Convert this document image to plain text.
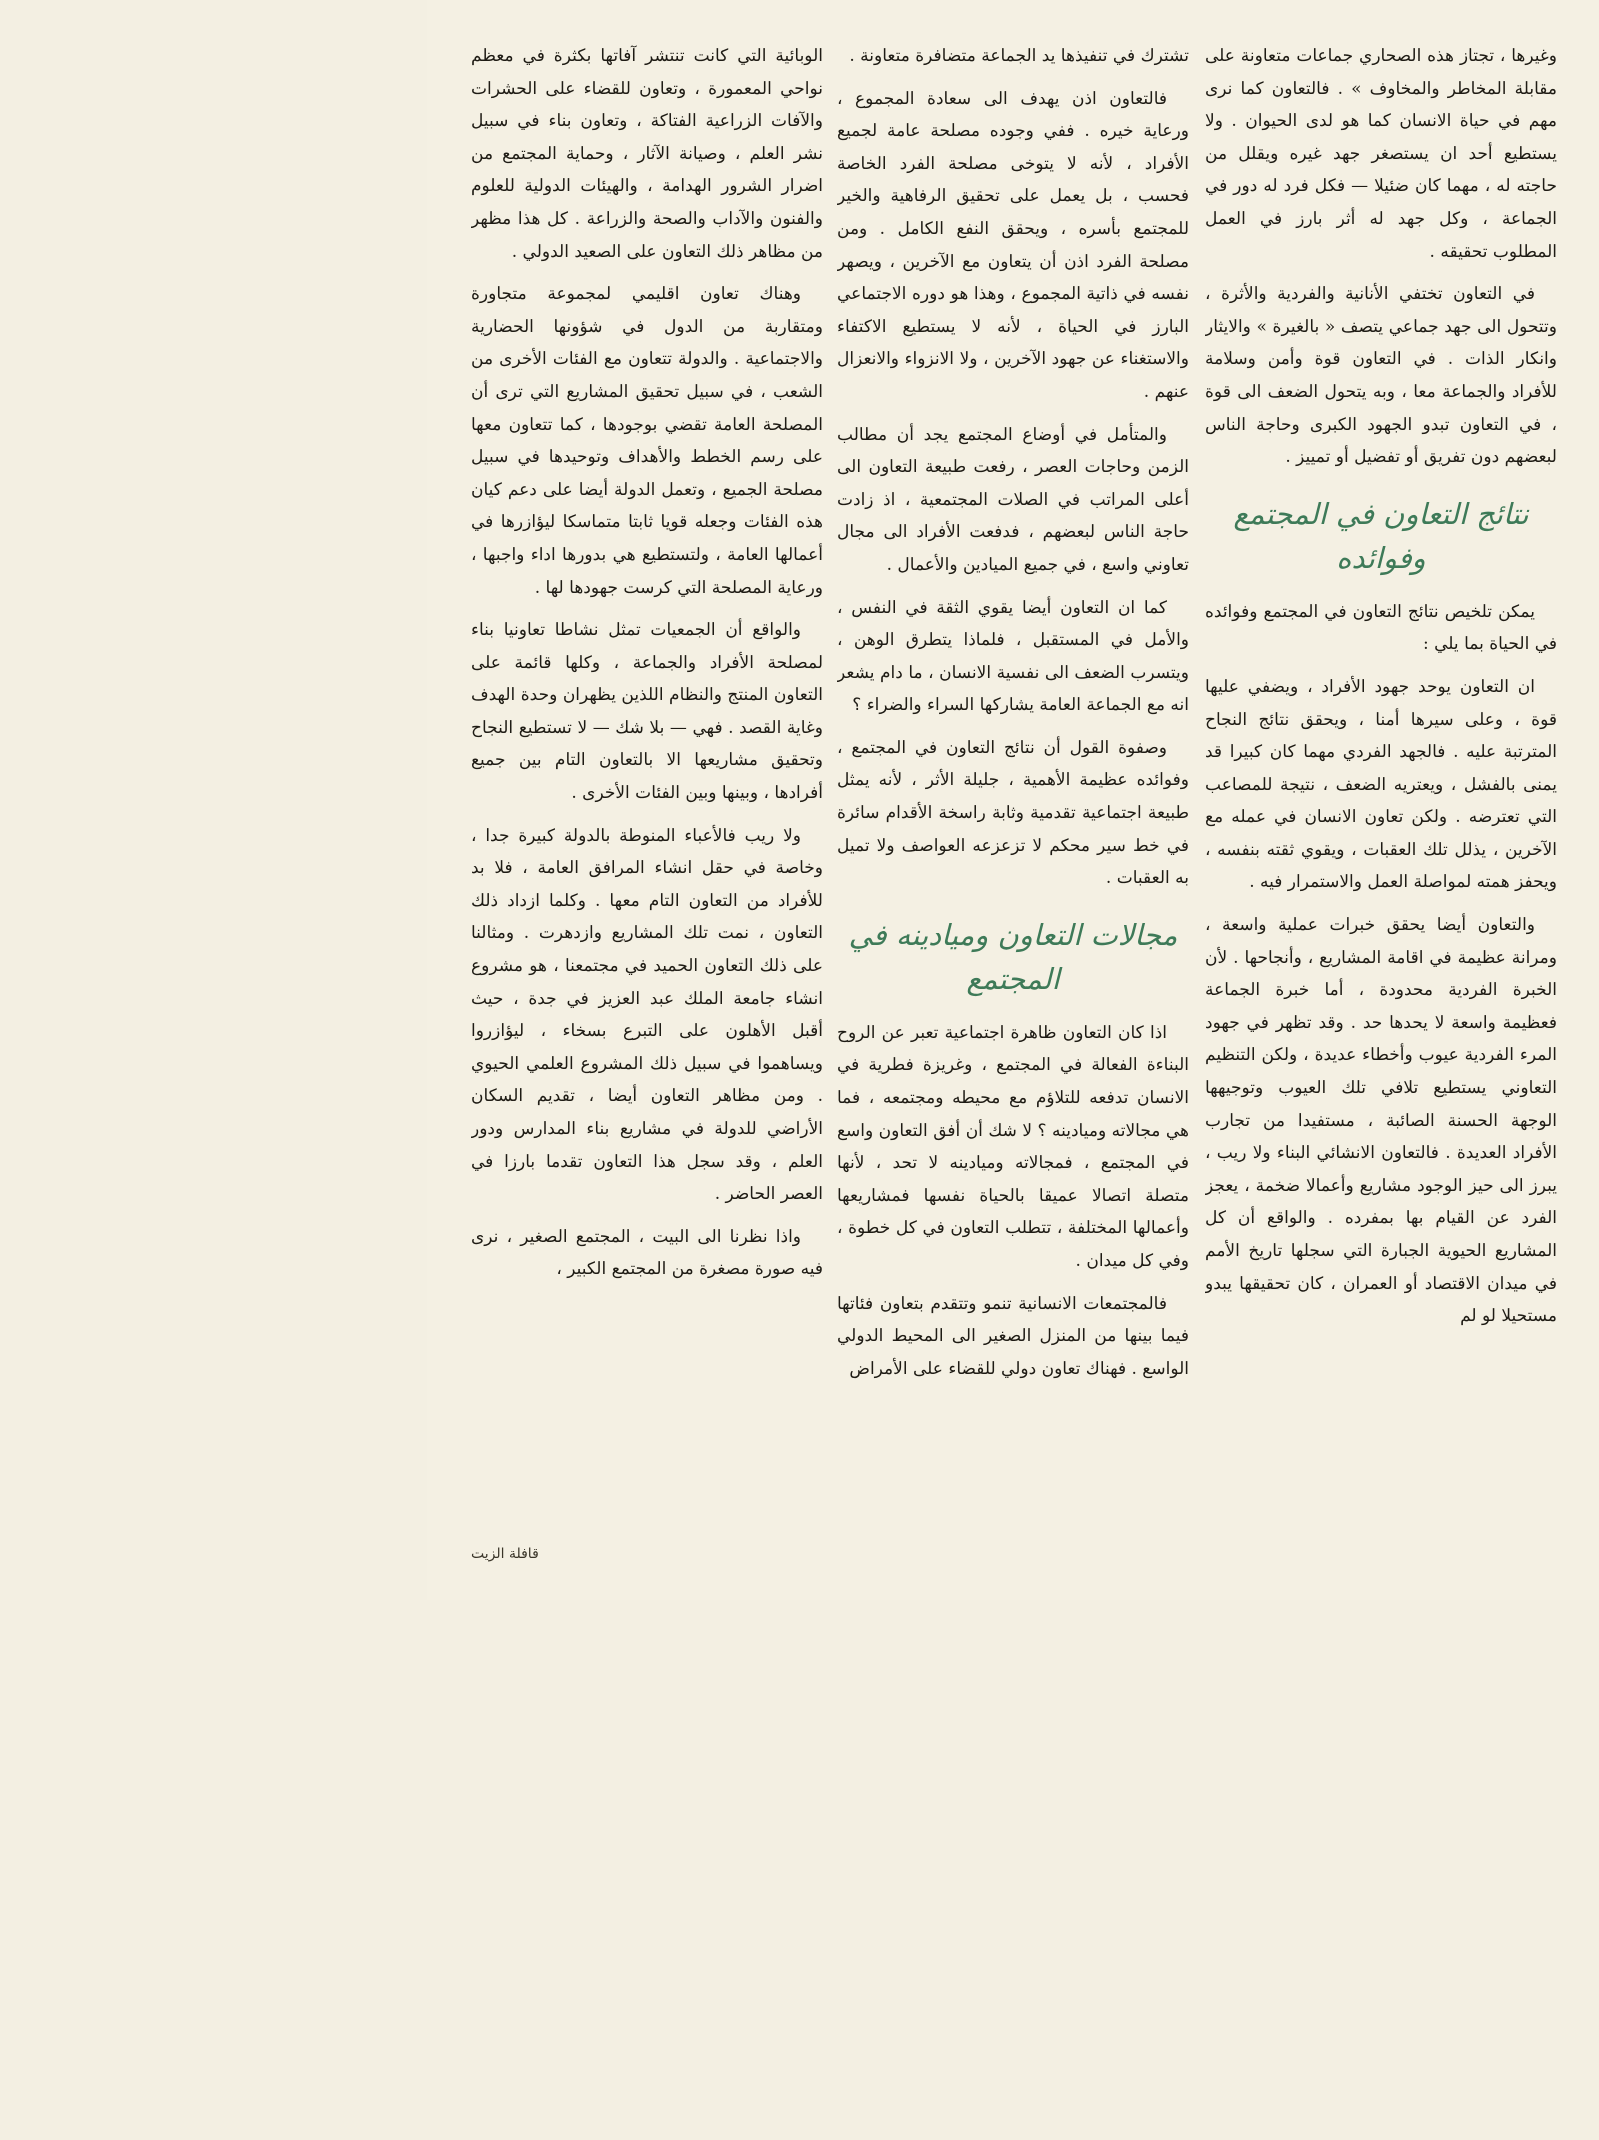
وغيرها ، تجتاز هذه الصحاري جماعات متعاونة على مقابلة المخاطر والمخاوف » . فالتعاون كما نرى مهم في حياة الانسان كما هو لدى الحيوان . ولا يستطيع أحد ان يستصغر جهد غيره ويقلل من حاجته له ، مهما كان ضئيلا — فكل فرد له دور في الجماعة ، وكل جهد له أثر بارز في العمل المطلوب تحقيقه .

في التعاون تختفي الأنانية والفردية والأثرة ، وتتحول الى جهد جماعي يتصف « بالغيرة » والايثار وانكار الذات . في التعاون قوة وأمن وسلامة للأفراد والجماعة معا ، وبه يتحول الضعف الى قوة ، في التعاون تبدو الجهود الكبرى وحاجة الناس لبعضهم دون تفريق أو تفضيل أو تمييز .

نتائج التعاون في المجتمع وفوائده

يمكن تلخيص نتائج التعاون في المجتمع وفوائده في الحياة بما يلي :

ان التعاون يوحد جهود الأفراد ، ويضفي عليها قوة ، وعلى سيرها أمنا ، ويحقق نتائج النجاح المترتبة عليه . فالجهد الفردي مهما كان كبيرا قد يمنى بالفشل ، ويعتريه الضعف ، نتيجة للمصاعب التي تعترضه . ولكن تعاون الانسان في عمله مع الآخرين ، يذلل تلك العقبات ، ويقوي ثقته بنفسه ، ويحفز همته لمواصلة العمل والاستمرار فيه .

والتعاون أيضا يحقق خبرات عملية واسعة ، ومرانة عظيمة في اقامة المشاريع ، وأنجاحها . لأن الخبرة الفردية محدودة ، أما خبرة الجماعة فعظيمة واسعة لا يحدها حد . وقد تظهر في جهود المرء الفردية عيوب وأخطاء عديدة ، ولكن التنظيم التعاوني يستطيع تلافي تلك العيوب وتوجيهها الوجهة الحسنة الصائبة ، مستفيدا من تجارب الأفراد العديدة . فالتعاون الانشائي البناء ولا ريب ، يبرز الى حيز الوجود مشاريع وأعمالا ضخمة ، يعجز الفرد عن القيام بها بمفرده . والواقع أن كل المشاريع الحيوية الجبارة التي سجلها تاريخ الأمم في ميدان الاقتصاد أو العمران ، كان تحقيقها يبدو مستحيلا لو لم

تشترك في تنفيذها يد الجماعة متضافرة متعاونة .

فالتعاون اذن يهدف الى سعادة المجموع ، ورعاية خيره . ففي وجوده مصلحة عامة لجميع الأفراد ، لأنه لا يتوخى مصلحة الفرد الخاصة فحسب ، بل يعمل على تحقيق الرفاهية والخير للمجتمع بأسره ، ويحقق النفع الكامل . ومن مصلحة الفرد اذن أن يتعاون مع الآخرين ، ويصهر نفسه في ذاتية المجموع ، وهذا هو دوره الاجتماعي البارز في الحياة ، لأنه لا يستطيع الاكتفاء والاستغناء عن جهود الآخرين ، ولا الانزواء والانعزال عنهم .

والمتأمل في أوضاع المجتمع يجد أن مطالب الزمن وحاجات العصر ، رفعت طبيعة التعاون الى أعلى المراتب في الصلات المجتمعية ، اذ زادت حاجة الناس لبعضهم ، فدفعت الأفراد الى مجال تعاوني واسع ، في جميع الميادين والأعمال .

كما ان التعاون أيضا يقوي الثقة في النفس ، والأمل في المستقبل ، فلماذا يتطرق الوهن ، ويتسرب الضعف الى نفسية الانسان ، ما دام يشعر انه مع الجماعة العامة يشاركها السراء والضراء ؟

وصفوة القول أن نتائج التعاون في المجتمع ، وفوائده عظيمة الأهمية ، جليلة الأثر ، لأنه يمثل طبيعة اجتماعية تقدمية وثابة راسخة الأقدام سائرة في خط سير محكم لا تزعزعه العواصف ولا تميل به العقبات .

مجالات التعاون وميادينه في المجتمع

اذا كان التعاون ظاهرة اجتماعية تعبر عن الروح البناءة الفعالة في المجتمع ، وغريزة فطرية في الانسان تدفعه للتلاؤم مع محيطه ومجتمعه ، فما هي مجالاته وميادينه ؟ لا شك أن أفق التعاون واسع في المجتمع ، فمجالاته وميادينه لا تحد ، لأنها متصلة اتصالا عميقا بالحياة نفسها فمشاريعها وأعمالها المختلفة ، تتطلب التعاون في كل خطوة ، وفي كل ميدان .

فالمجتمعات الانسانية تنمو وتتقدم بتعاون فئاتها فيما بينها من المنزل الصغير الى المحيط الدولي الواسع . فهناك تعاون دولي للقضاء على الأمراض

الوبائية التي كانت تنتشر آفاتها بكثرة في معظم نواحي المعمورة ، وتعاون للقضاء على الحشرات والآفات الزراعية الفتاكة ، وتعاون بناء في سبيل نشر العلم ، وصيانة الآثار ، وحماية المجتمع من اضرار الشرور الهدامة ، والهيئات الدولية للعلوم والفنون والآداب والصحة والزراعة . كل هذا مظهر من مظاهر ذلك التعاون على الصعيد الدولي .

وهناك تعاون اقليمي لمجموعة متجاورة ومتقاربة من الدول في شؤونها الحضارية والاجتماعية . والدولة تتعاون مع الفئات الأخرى من الشعب ، في سبيل تحقيق المشاريع التي ترى أن المصلحة العامة تقضي بوجودها ، كما تتعاون معها على رسم الخطط والأهداف وتوحيدها في سبيل مصلحة الجميع ، وتعمل الدولة أيضا على دعم كيان هذه الفئات وجعله قويا ثابتا متماسكا ليؤازرها في أعمالها العامة ، ولتستطيع هي بدورها اداء واجبها ، ورعاية المصلحة التي كرست جهودها لها .

والواقع أن الجمعيات تمثل نشاطا تعاونيا بناء لمصلحة الأفراد والجماعة ، وكلها قائمة على التعاون المنتج والنظام اللذين يظهران وحدة الهدف وغاية القصد . فهي — بلا شك — لا تستطيع النجاح وتحقيق مشاريعها الا بالتعاون التام بين جميع أفرادها ، وبينها وبين الفئات الأخرى .

ولا ريب فالأعباء المنوطة بالدولة كبيرة جدا ، وخاصة في حقل انشاء المرافق العامة ، فلا بد للأفراد من التعاون التام معها . وكلما ازداد ذلك التعاون ، نمت تلك المشاريع وازدهرت . ومثالنا على ذلك التعاون الحميد في مجتمعنا ، هو مشروع انشاء جامعة الملك عبد العزيز في جدة ، حيث أقبل الأهلون على التبرع بسخاء ، ليؤازروا ويساهموا في سبيل ذلك المشروع العلمي الحيوي . ومن مظاهر التعاون أيضا ، تقديم السكان الأراضي للدولة في مشاريع بناء المدارس ودور العلم ، وقد سجل هذا التعاون تقدما بارزا في العصر الحاضر .

واذا نظرنا الى البيت ، المجتمع الصغير ، نرى فيه صورة مصغرة من المجتمع الكبير ،

قافلة الزيت
